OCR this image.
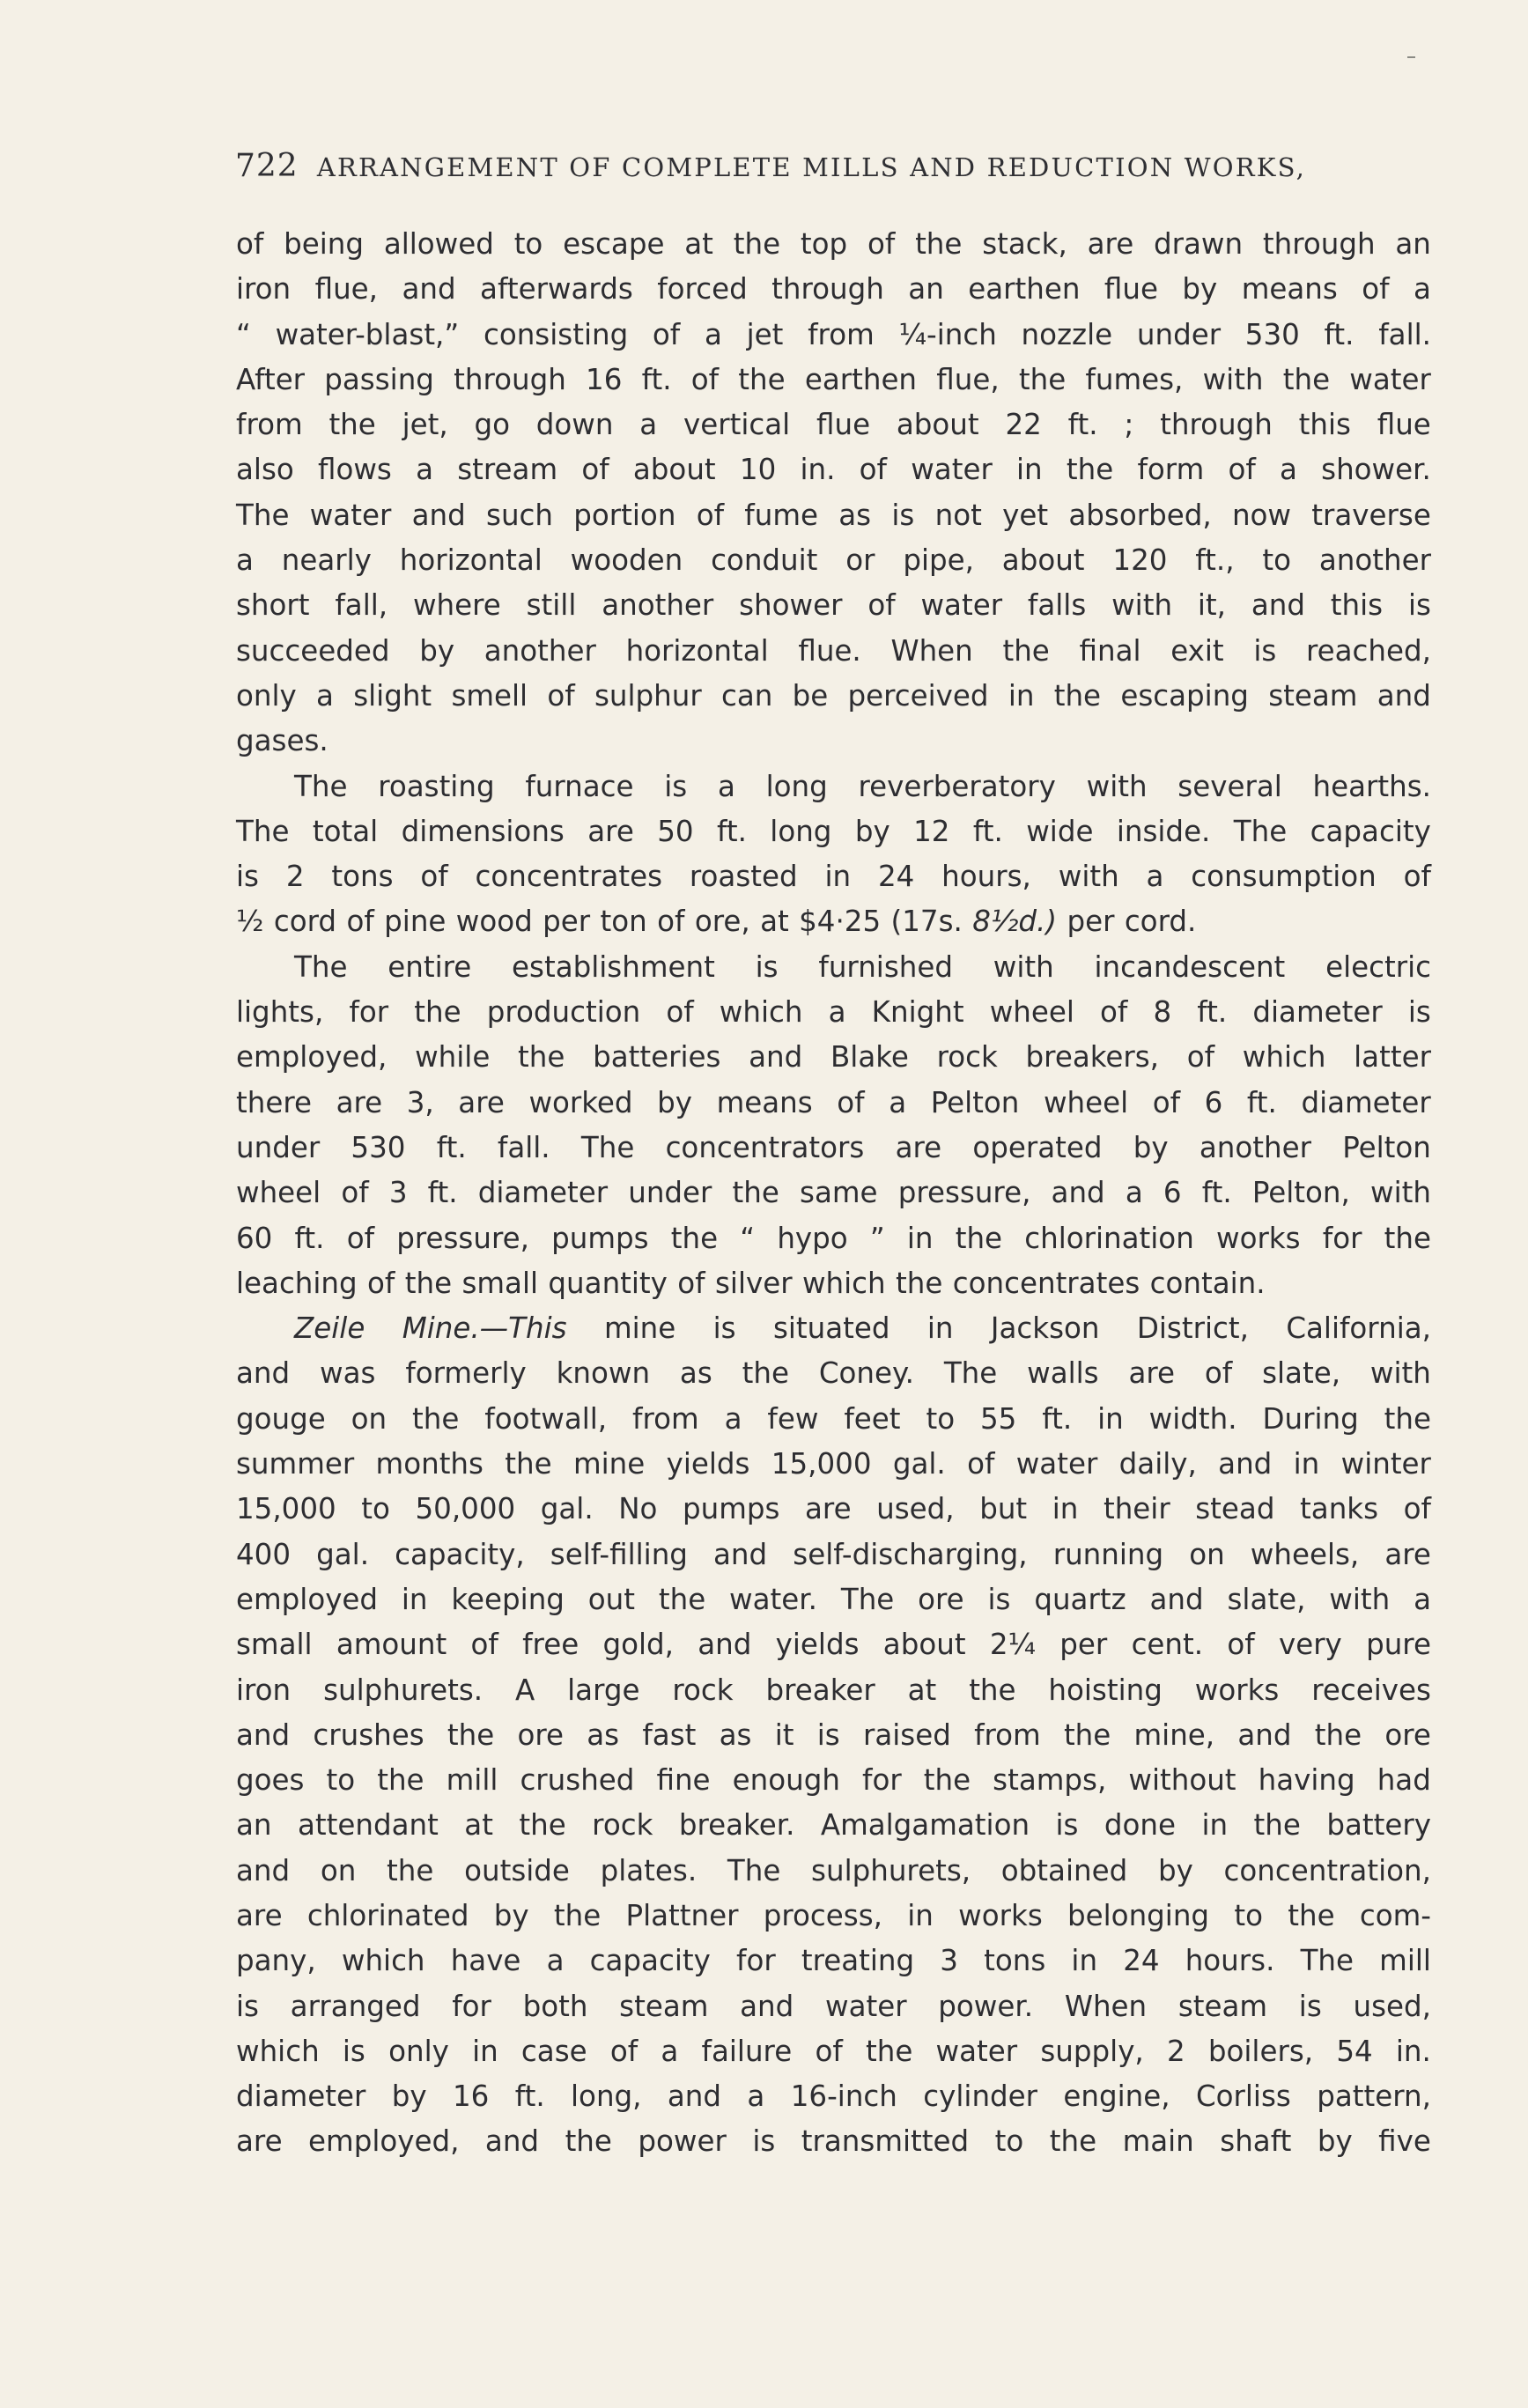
722 ARRANGEMENT OF COMPLETE MILLS AND REDUCTION WORKS,
of being allowed to escape at the top of the stack, are drawn through an
iron flue, and afterwards forced through an earthen flue by means of a
“ water-blast,” consisting of a jet from ¼-inch nozzle under 530 ft. fall.
After passing through 16 ft. of the earthen flue, the fumes, with the water
from the jet, go down a vertical flue about 22 ft. ; through this flue
also flows a stream of about 10 in. of water in the form of a shower.
The water and such portion of fume as is not yet absorbed, now traverse
a nearly horizontal wooden conduit or pipe, about 120 ft., to another
short fall, where still another shower of water falls with it, and this is
succeeded by another horizontal flue. When the final exit is reached,
only a slight smell of sulphur can be perceived in the escaping steam and
gases.
The roasting furnace is a long reverberatory with several hearths.
The total dimensions are 50 ft. long by 12 ft. wide inside. The capacity
is 2 tons of concentrates roasted in 24 hours, with a consumption of
½ cord of pine wood per ton of ore, at $4·25 (17s. 8½d.) per cord.
The entire establishment is furnished with incandescent electric
lights, for the production of which a Knight wheel of 8 ft. diameter is
employed, while the batteries and Blake rock breakers, of which latter
there are 3, are worked by means of a Pelton wheel of 6 ft. diameter
under 530 ft. fall. The concentrators are operated by another Pelton
wheel of 3 ft. diameter under the same pressure, and a 6 ft. Pelton, with
60 ft. of pressure, pumps the “ hypo ” in the chlorination works for the
leaching of the small quantity of silver which the concentrates contain.
Zeile Mine.—This mine is situated in Jackson District, California,
and was formerly known as the Coney. The walls are of slate, with
gouge on the footwall, from a few feet to 55 ft. in width. During the
summer months the mine yields 15,000 gal. of water daily, and in winter
15,000 to 50,000 gal. No pumps are used, but in their stead tanks of
400 gal. capacity, self-filling and self-discharging, running on wheels, are
employed in keeping out the water. The ore is quartz and slate, with a
small amount of free gold, and yields about 2¼ per cent. of very pure
iron sulphurets. A large rock breaker at the hoisting works receives
and crushes the ore as fast as it is raised from the mine, and the ore
goes to the mill crushed fine enough for the stamps, without having had
an attendant at the rock breaker. Amalgamation is done in the battery
and on the outside plates. The sulphurets, obtained by concentration,
are chlorinated by the Plattner process, in works belonging to the com-
pany, which have a capacity for treating 3 tons in 24 hours. The mill
is arranged for both steam and water power. When steam is used,
which is only in case of a failure of the water supply, 2 boilers, 54 in.
diameter by 16 ft. long, and a 16-inch cylinder engine, Corliss pattern,
are employed, and the power is transmitted to the main shaft by five
